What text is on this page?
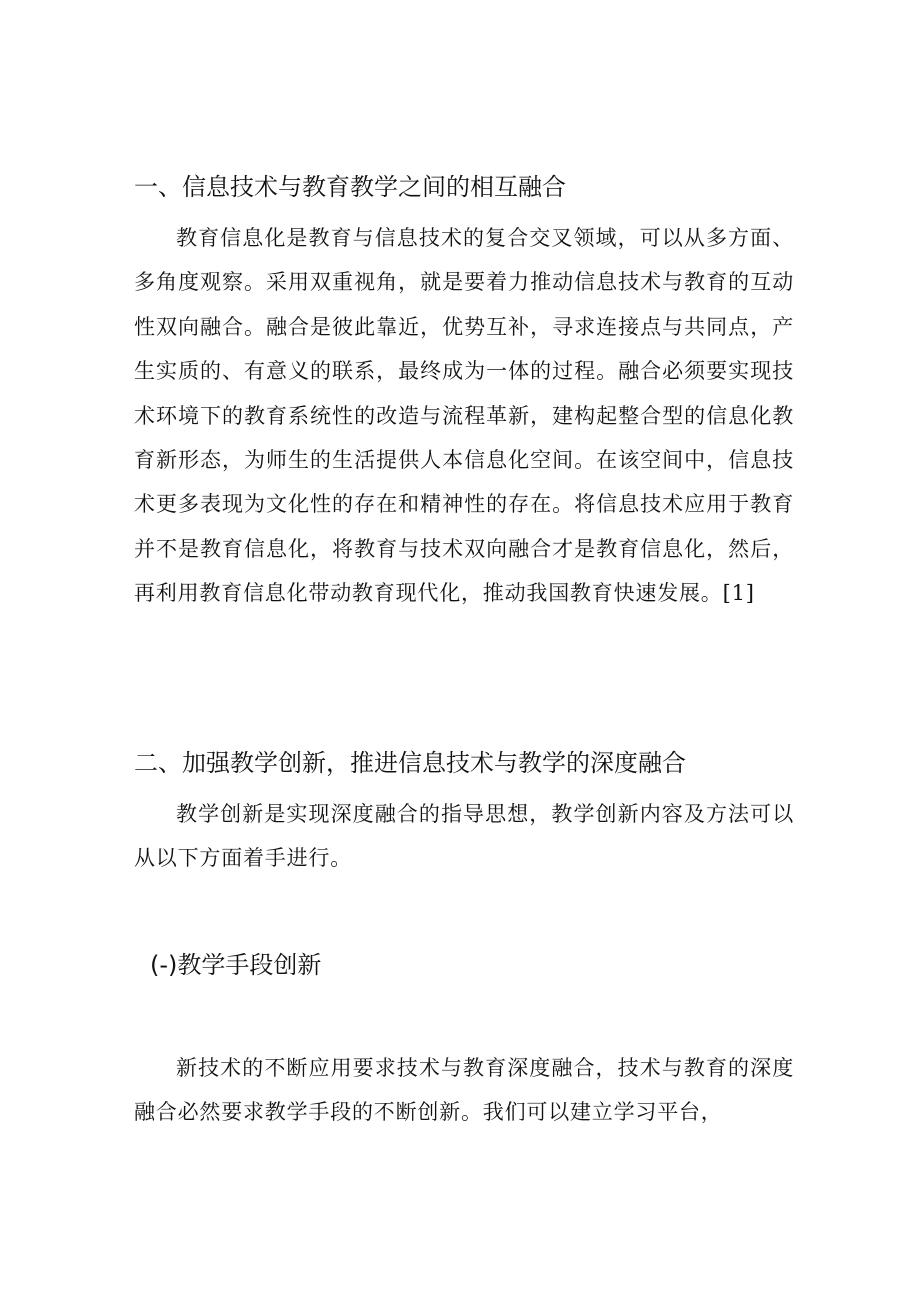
一、信息技术与教育教学之间的相互融合

教育信息化是教育与信息技术的复合交叉领域，可以从多方面、多角度观察。采用双重视角，就是要着力推动信息技术与教育的互动性双向融合。融合是彼此靠近，优势互补，寻求连接点与共同点，产生实质的、有意义的联系，最终成为一体的过程。融合必须要实现技术环境下的教育系统性的改造与流程革新，建构起整合型的信息化教育新形态，为师生的生活提供人本信息化空间。在该空间中，信息技术更多表现为文化性的存在和精神性的存在。将信息技术应用于教育并不是教育信息化，将教育与技术双向融合才是教育信息化，然后，再利用教育信息化带动教育现代化，推动我国教育快速发展。[1]

二、加强教学创新，推进信息技术与教学的深度融合

教学创新是实现深度融合的指导思想，教学创新内容及方法可以从以下方面着手进行。

(-)教学手段创新

新技术的不断应用要求技术与教育深度融合，技术与教育的深度融合必然要求教学手段的不断创新。我们可以建立学习平台，
